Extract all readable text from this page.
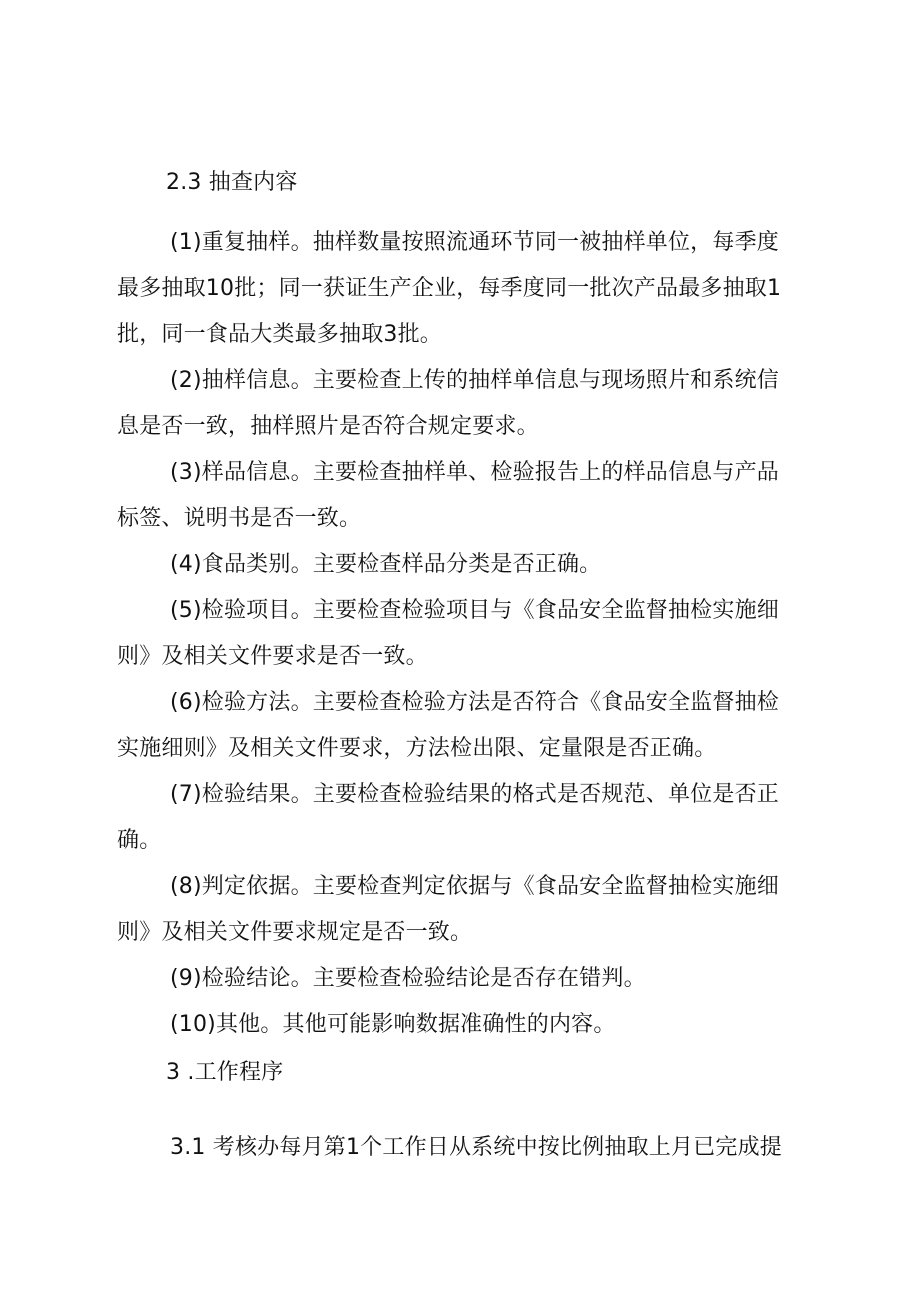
2.3 抽查内容
(1)重复抽样。抽样数量按照流通环节同一被抽样单位，每季度
最多抽取10批；同一获证生产企业，每季度同一批次产品最多抽取1
批，同一食品大类最多抽取3批。
(2)抽样信息。主要检查上传的抽样单信息与现场照片和系统信
息是否一致，抽样照片是否符合规定要求。
(3)样品信息。主要检查抽样单、检验报告上的样品信息与产品
标签、说明书是否一致。
(4)食品类别。主要检查样品分类是否正确。
(5)检验项目。主要检查检验项目与《食品安全监督抽检实施细
则》及相关文件要求是否一致。
(6)检验方法。主要检查检验方法是否符合《食品安全监督抽检
实施细则》及相关文件要求，方法检出限、定量限是否正确。
(7)检验结果。主要检查检验结果的格式是否规范、单位是否正
确。
(8)判定依据。主要检查判定依据与《食品安全监督抽检实施细
则》及相关文件要求规定是否一致。
(9)检验结论。主要检查检验结论是否存在错判。
(10)其他。其他可能影响数据准确性的内容。
3 .工作程序
3.1 考核办每月第1个工作日从系统中按比例抽取上月已完成提
